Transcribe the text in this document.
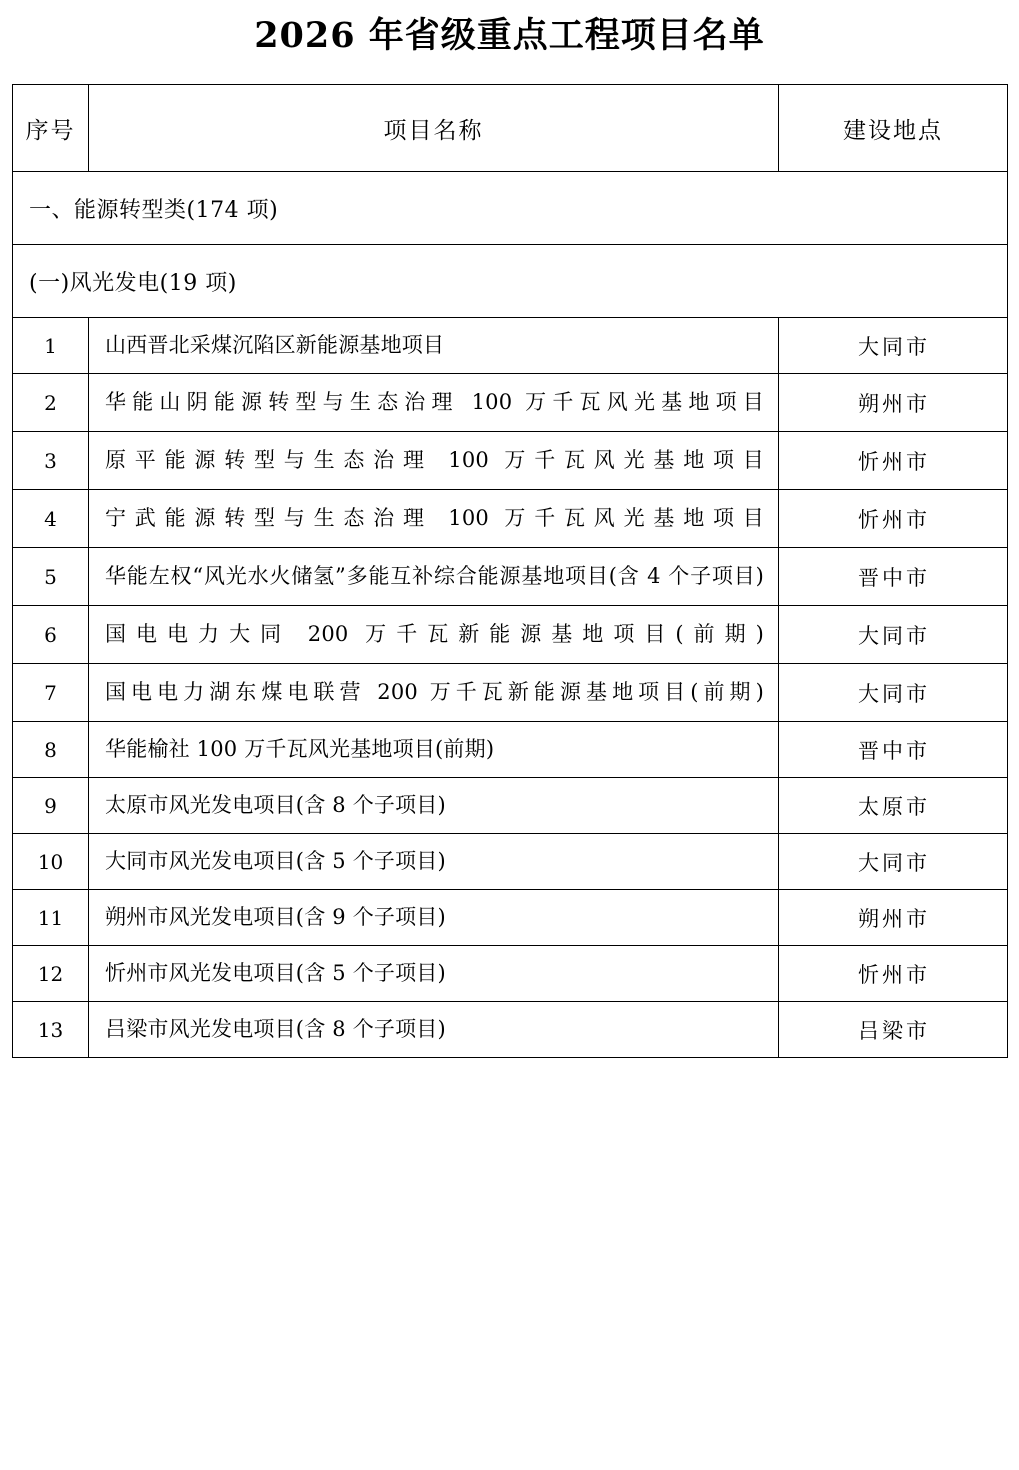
2026 年省级重点工程项目名单
序号	项目名称	建设地点
一、能源转型类(174 项)		
(一)风光发电(19 项)		
1	山西晋北采煤沉陷区新能源基地项目	大同市
2	华能山阴能源转型与生态治理 100 万千瓦风光基地项目	朔州市
3	原平能源转型与生态治理 100 万千瓦风光基地项目	忻州市
4	宁武能源转型与生态治理 100 万千瓦风光基地项目	忻州市
5	华能左权“风光水火储氢”多能互补综合能源基地项目(含 4 个子项目)	晋中市
6	国电电力大同 200 万千瓦新能源基地项目(前期)	大同市
7	国电电力湖东煤电联营 200 万千瓦新能源基地项目(前期)	大同市
8	华能榆社 100 万千瓦风光基地项目(前期)	晋中市
9	太原市风光发电项目(含 8 个子项目)	太原市
10	大同市风光发电项目(含 5 个子项目)	大同市
11	朔州市风光发电项目(含 9 个子项目)	朔州市
12	忻州市风光发电项目(含 5 个子项目)	忻州市
13	吕梁市风光发电项目(含 8 个子项目)	吕梁市
